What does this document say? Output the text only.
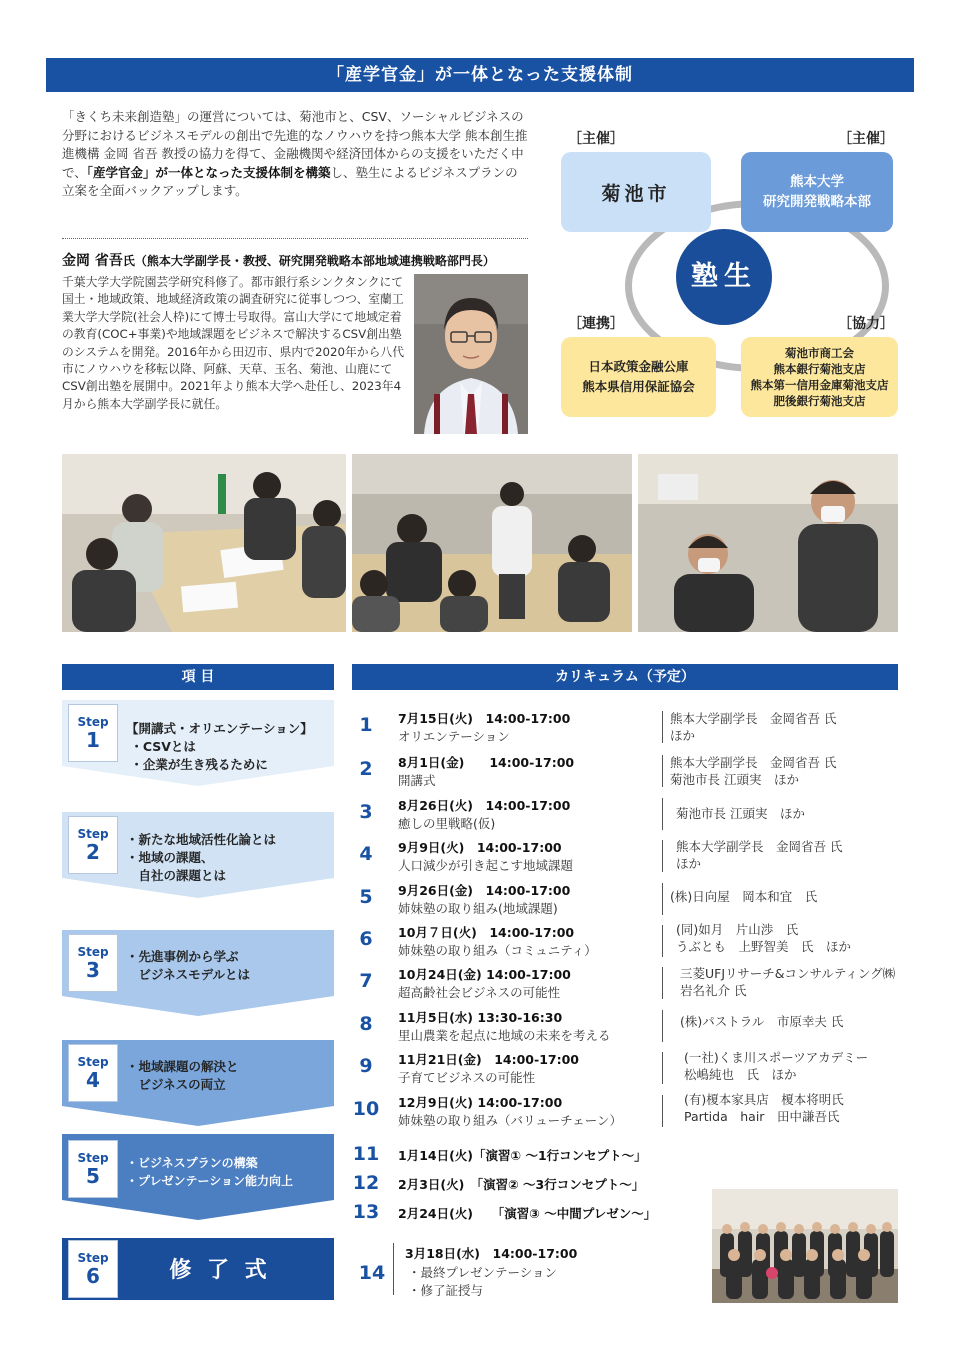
「産学官金」が一体となった支援体制
「きくち未来創造塾」の運営については、菊池市と、CSV、ソーシャルビジネスの分野におけるビジネスモデルの創出で先進的なノウハウを持つ熊本大学 熊本創生推進機構 金岡 省吾 教授の協力を得て、金融機関や経済団体からの支援をいただく中で、「産学官金」が一体となった支援体制を構築し、塾生によるビジネスプランの立案を全面バックアップします。
金岡 省吾氏（熊本大学副学長・教授、研究開発戦略本部地域連携戦略部門長）
千葉大学大学院園芸学研究科修了。都市銀行系シンクタンクにて国土・地域政策、地域経済政策の調査研究に従事しつつ、室蘭工業大学大学院(社会人枠)にて博士号取得。富山大学にて地域定着の教育(COC+事業)や地域課題をビジネスで解決するCSV創出塾のシステムを開発。2016年から田辺市、県内で2020年から八代市にノウハウを移転以降、阿蘇、天草、玉名、菊池、山鹿にてCSV創出塾を展開中。2021年より熊本大学へ赴任し、2023年4月から熊本大学副学長に就任。
［主催］	［主催］
菊池市
熊本大学
研究開発戦略本部
塾生
［連携］	［協力］
日本政策金融公庫
熊本県信用保証協会
菊池市商工会
熊本銀行菊池支店
熊本第一信用金庫菊池支店
肥後銀行菊池支店
項 目	カリキュラム（予定）
Step
1 【開講式・オリエンテーション】
・CSVとは
・企業が生き残るために
Step
2
・新たな地域活性化論とは
・地域の課題、
　自社の課題とは
Step
3
・先進事例から学ぶ
　ビジネスモデルとは
Step
4
・地域課題の解決と
　ビジネスの両立
Step
5
・ビジネスプランの構築
・プレゼンテーション能力向上
Step
6	修 了 式
1	7月15日(火)　14:00-17:00
オリエンテーション
熊本大学副学長　金岡省吾 氏
ほか
2	8月1日(金)　　14:00-17:00
開講式
熊本大学副学長　金岡省吾 氏
菊池市長 江頭実　ほか
3	8月26日(火)　14:00-17:00
癒しの里戦略(仮)
菊池市長 江頭実　ほか
4	9月9日(火)　14:00-17:00
人口減少が引き起こす地域課題
熊本大学副学長　金岡省吾 氏
ほか
5	9月26日(金)　14:00-17:00
姉妹塾の取り組み(地域課題)
(株)日向屋　岡本和宜　氏
6	10月７日(火)　14:00-17:00
姉妹塾の取り組み（コミュニティ）
(同)如月　片山渉　氏
うぶとも　上野智美　氏　ほか
7	10月24日(金) 14:00-17:00
超高齢社会ビジネスの可能性
三菱UFJリサーチ&コンサルティング㈱
岩名礼介 氏
8	11月5日(水) 13:30-16:30
里山農業を起点に地域の未来を考える
(株)パストラル　市原幸夫 氏
9	11月21日(金)　14:00-17:00
子育てビジネスの可能性
(一社)くま川スポーツアカデミー
松嶋純也　氏　ほか
10 12月9日(火) 14:00-17:00
姉妹塾の取り組み（バリューチェーン）
(有)榎本家具店　榎本将明氏
Partida　hair　田中謙吾氏
11 1月14日(火)「演習① ～1行コンセプト～」
12 2月3日(火)　「演習② ～3行コンセプト～」
13 2月24日(火)　　「演習③ ～中間プレゼン～」
14
3月18日(水)　14:00-17:00
・最終プレゼンテーション
・修了証授与
